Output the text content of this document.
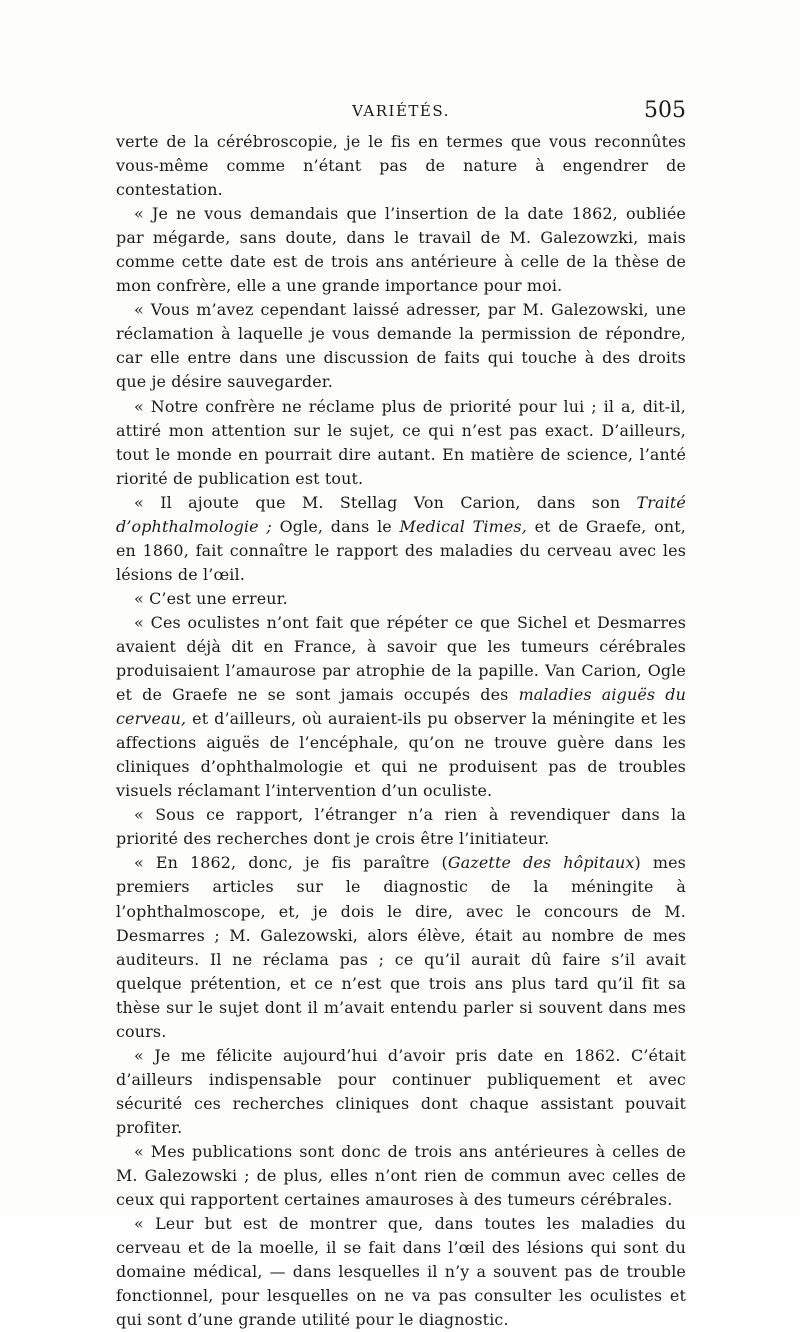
VARIÉTÉS.	505

verte de la cérébroscopie, je le fis en termes que vous reconnûtes vous-même comme n’étant pas de nature à engendrer de contestation.

« Je ne vous demandais que l’insertion de la date 1862, oubliée par mégarde, sans doute, dans le travail de M. Galezowzki, mais comme cette date est de trois ans antérieure à celle de la thèse de mon confrère, elle a une grande importance pour moi.

« Vous m’avez cependant laissé adresser, par M. Galezowski, une réclamation à laquelle je vous demande la permission de répondre, car elle entre dans une discussion de faits qui touche à des droits que je désire sauvegarder.

« Notre confrère ne réclame plus de priorité pour lui ; il a, dit-il, attiré mon attention sur le sujet, ce qui n’est pas exact. D’ailleurs, tout le monde en pourrait dire autant. En matière de science, l’anté riorité de publication est tout.

« Il ajoute que M. Stellag Von Carion, dans son Traité d’ophthalmologie ; Ogle, dans le Medical Times, et de Graefe, ont, en 1860, fait connaître le rapport des maladies du cerveau avec les lésions de l’œil.

« C’est une erreur.

« Ces oculistes n’ont fait que répéter ce que Sichel et Desmarres avaient déjà dit en France, à savoir que les tumeurs cérébrales produisaient l’amaurose par atrophie de la papille. Van Carion, Ogle et de Graefe ne se sont jamais occupés des maladies aiguës du cerveau, et d’ailleurs, où auraient-ils pu observer la méningite et les affections aiguës de l’encéphale, qu’on ne trouve guère dans les cliniques d’ophthalmologie et qui ne produisent pas de troubles visuels réclamant l’intervention d’un oculiste.

« Sous ce rapport, l’étranger n’a rien à revendiquer dans la priorité des recherches dont je crois être l’initiateur.

« En 1862, donc, je fis paraître (Gazette des hôpitaux) mes premiers articles sur le diagnostic de la méningite à l’ophthalmoscope, et, je dois le dire, avec le concours de M. Desmarres ; M. Galezowski, alors élève, était au nombre de mes auditeurs. Il ne réclama pas ; ce qu’il aurait dû faire s’il avait quelque prétention, et ce n’est que trois ans plus tard qu’il fit sa thèse sur le sujet dont il m’avait entendu parler si souvent dans mes cours.

« Je me félicite aujourd’hui d’avoir pris date en 1862. C’était d’ailleurs indispensable pour continuer publiquement et avec sécurité ces recherches cliniques dont chaque assistant pouvait profiter.

« Mes publications sont donc de trois ans antérieures à celles de M. Galezowski ; de plus, elles n’ont rien de commun avec celles de ceux qui rapportent certaines amauroses à des tumeurs cérébrales.

« Leur but est de montrer que, dans toutes les maladies du cerveau et de la moelle, il se fait dans l’œil des lésions qui sont du domaine médical, — dans lesquelles il n’y a souvent pas de trouble fonctionnel, pour lesquelles on ne va pas consulter les oculistes et qui sont d’une grande utilité pour le diagnostic.
